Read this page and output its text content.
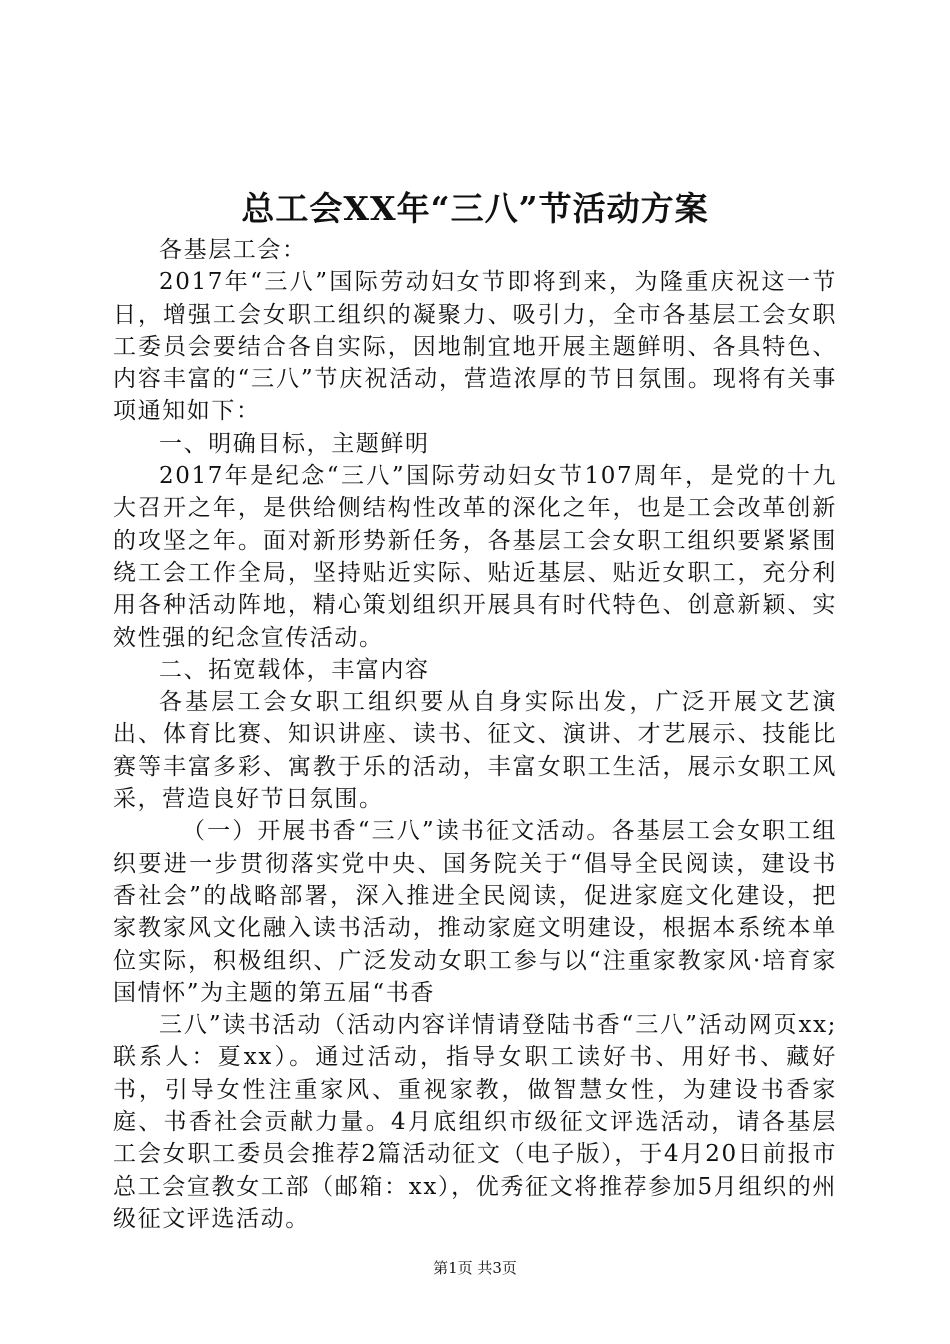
总工会XX年“三八”节活动方案

各基层工会：

2017年“三八”国际劳动妇女节即将到来，为隆重庆祝这一节日，增强工会女职工组织的凝聚力、吸引力，全市各基层工会女职工委员会要结合各自实际，因地制宜地开展主题鲜明、各具特色、内容丰富的“三八”节庆祝活动，营造浓厚的节日氛围。现将有关事项通知如下：

一、明确目标，主题鲜明

2017年是纪念“三八”国际劳动妇女节107周年，是党的十九大召开之年，是供给侧结构性改革的深化之年，也是工会改革创新的攻坚之年。面对新形势新任务，各基层工会女职工组织要紧紧围绕工会工作全局，坚持贴近实际、贴近基层、贴近女职工，充分利用各种活动阵地，精心策划组织开展具有时代特色、创意新颖、实效性强的纪念宣传活动。

二、拓宽载体，丰富内容

各基层工会女职工组织要从自身实际出发，广泛开展文艺演出、体育比赛、知识讲座、读书、征文、演讲、才艺展示、技能比赛等丰富多彩、寓教于乐的活动，丰富女职工生活，展示女职工风采，营造良好节日氛围。

（一）开展书香“三八”读书征文活动。各基层工会女职工组织要进一步贯彻落实党中央、国务院关于“倡导全民阅读，建设书香社会”的战略部署，深入推进全民阅读，促进家庭文化建设，把家教家风文化融入读书活动，推动家庭文明建设，根据本系统本单位实际，积极组织、广泛发动女职工参与以“注重家教家风·培育家国情怀”为主题的第五届“书香

三八”读书活动（活动内容详情请登陆书香“三八”活动网页xx;联系人：夏xx）。通过活动，指导女职工读好书、用好书、藏好书，引导女性注重家风、重视家教，做智慧女性，为建设书香家庭、书香社会贡献力量。4月底组织市级征文评选活动，请各基层工会女职工委员会推荐2篇活动征文（电子版），于4月20日前报市总工会宣教女工部（邮箱：xx），优秀征文将推荐参加5月组织的州级征文评选活动。

第1页 共3页
